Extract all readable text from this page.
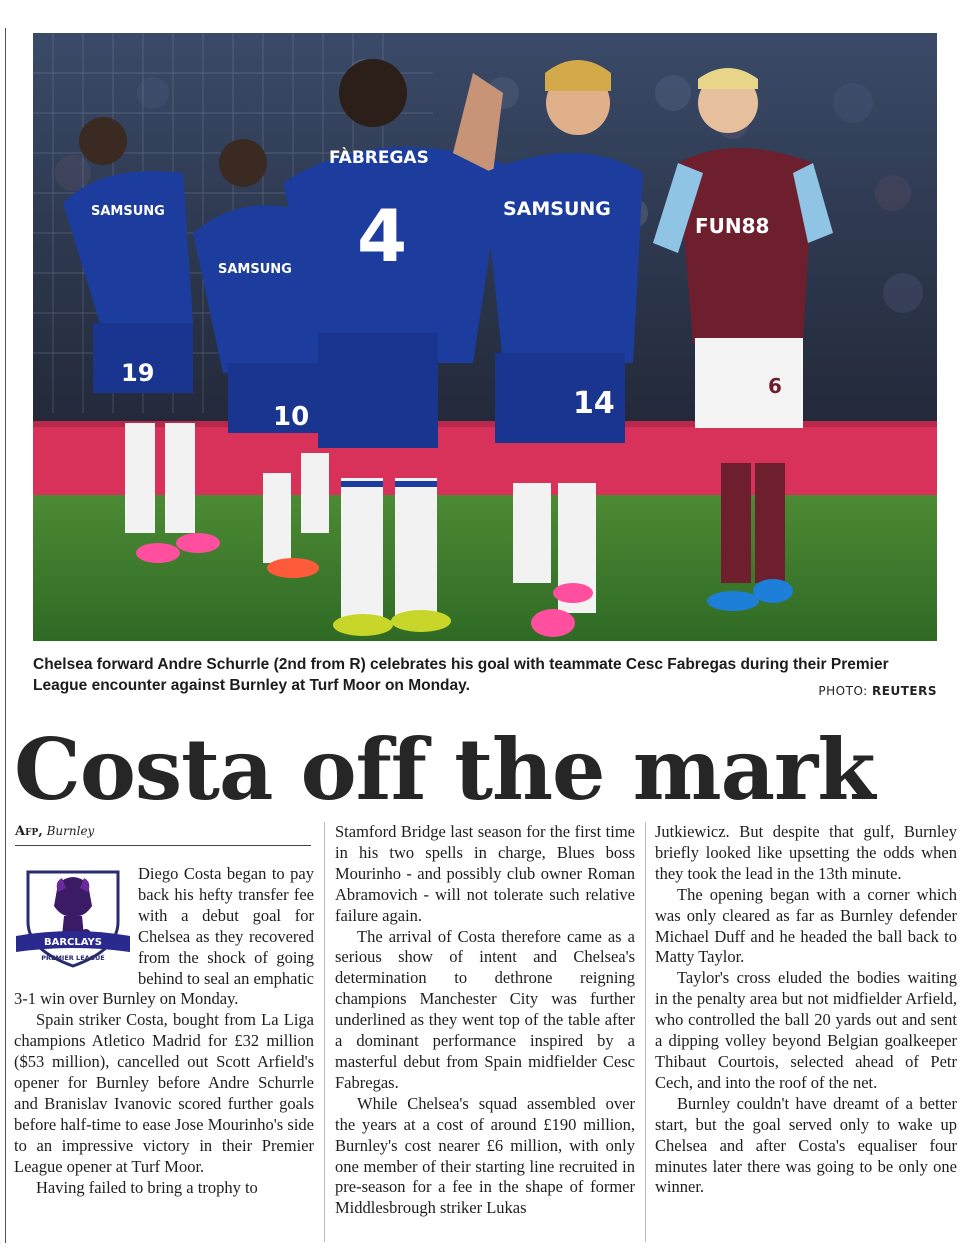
19
SAMSUNG
10
SAMSUNG
FÀBREGAS
4	SAMSUNG
14
FUN88
6
Chelsea forward Andre Schurrle (2nd from R) celebrates his goal with teammate Cesc Fabregas during their Premier League encounter against Burnley at Turf Moor on Monday.	PHOTO: REUTERS
Costa off the mark
Afp, Burnley
BARCLAYS
PREMIER LEAGUE

Diego Costa began to pay back his hefty transfer fee with a debut goal for Chelsea as they recovered from the shock of going behind to seal an emphatic 3-1 win over Burnley on Monday.

Spain striker Costa, bought from La Liga champions Atletico Madrid for £32 million ($53 million), cancelled out Scott Arfield's opener for Burnley before Andre Schurrle and Branislav Ivanovic scored further goals before half-time to ease Jose Mourinho's side to an impressive victory in their Premier League opener at Turf Moor.

Having failed to bring a trophy to

Stamford Bridge last season for the first time in his two spells in charge, Blues boss Mourinho - and possibly club owner Roman Abramovich - will not tolerate such relative failure again.

The arrival of Costa therefore came as a serious show of intent and Chelsea's determination to dethrone reigning champions Manchester City was further underlined as they went top of the table after a dominant performance inspired by a masterful debut from Spain midfielder Cesc Fabregas.

While Chelsea's squad assembled over the years at a cost of around £190 million, Burnley's cost nearer £6 million, with only one member of their starting line recruited in pre-season for a fee in the shape of former Middlesbrough striker Lukas

Jutkiewicz. But despite that gulf, Burnley briefly looked like upsetting the odds when they took the lead in the 13th minute.

The opening began with a corner which was only cleared as far as Burnley defender Michael Duff and he headed the ball back to Matty Taylor.

Taylor's cross eluded the bodies waiting in the penalty area but not midfielder Arfield, who controlled the ball 20 yards out and sent a dipping volley beyond Belgian goalkeeper Thibaut Courtois, selected ahead of Petr Cech, and into the roof of the net.

Burnley couldn't have dreamt of a better start, but the goal served only to wake up Chelsea and after Costa's equaliser four minutes later there was going to be only one winner.
